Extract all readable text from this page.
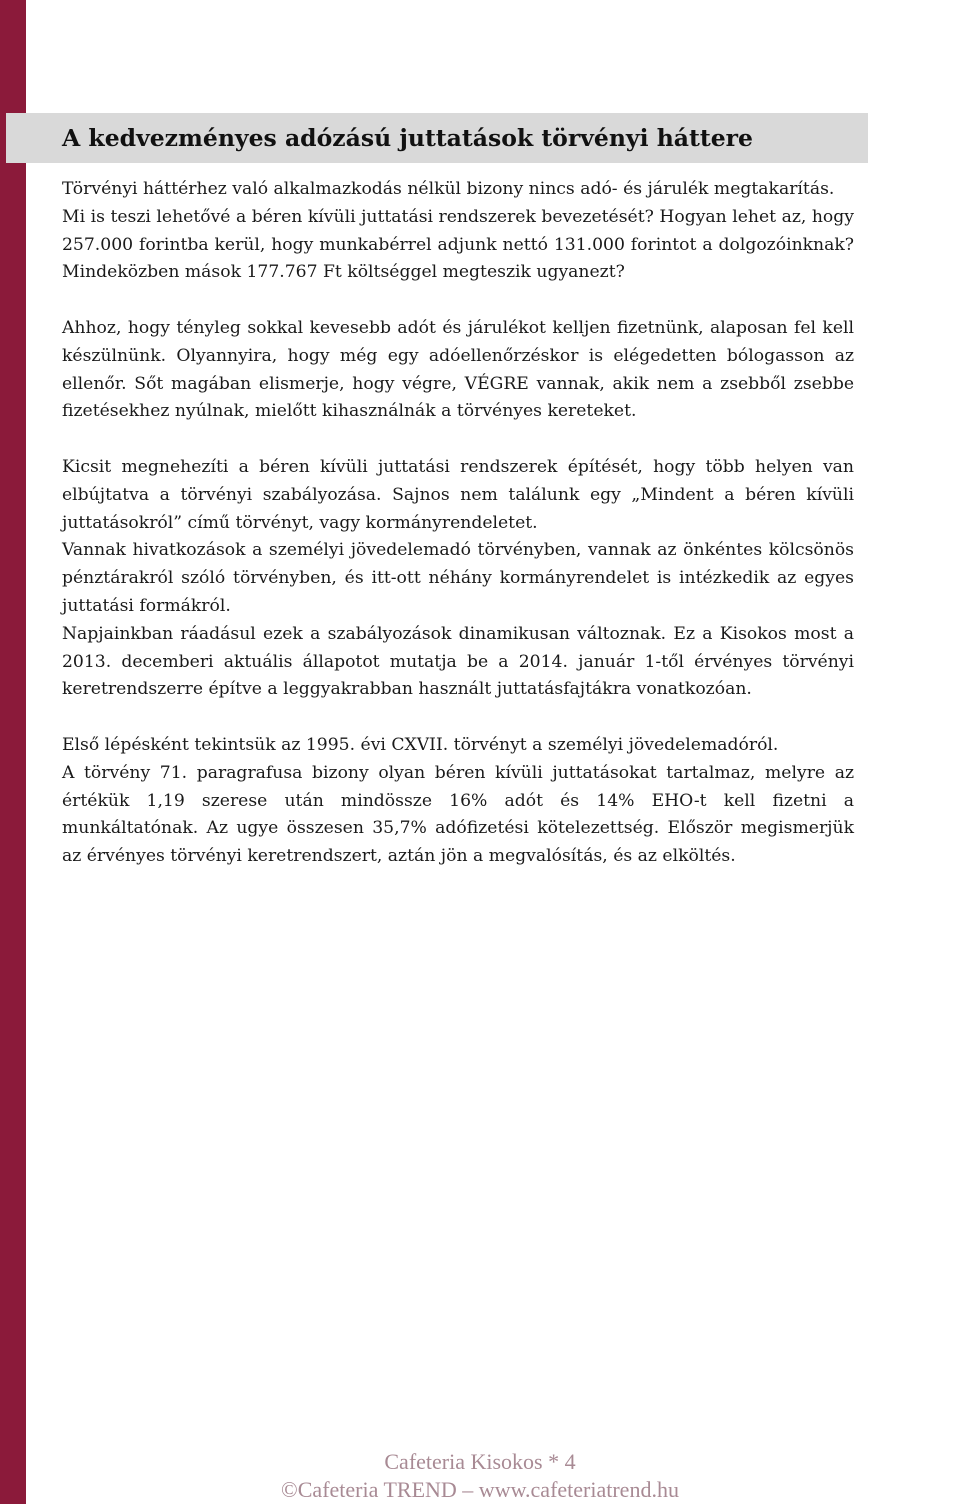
A kedvezményes adózású juttatások törvényi háttere

Törvényi háttérhez való alkalmazkodás nélkül bizony nincs adó- és járulék megtakarítás.

Mi is teszi lehetővé a béren kívüli juttatási rendszerek bevezetését? Hogyan lehet az, hogy 257.000 forintba kerül, hogy munkabérrel adjunk nettó 131.000 forintot a dolgozóinknak? Mindeközben mások 177.767 Ft költséggel megteszik ugyanezt?

Ahhoz, hogy tényleg sokkal kevesebb adót és járulékot kelljen fizetnünk, alaposan fel kell készülnünk. Olyannyira, hogy még egy adóellenőrzéskor is elégedetten bólogasson az ellenőr. Sőt magában elismerje, hogy végre, VÉGRE vannak, akik nem a zsebből zsebbe fizetésekhez nyúlnak, mielőtt kihasználnák a törvényes kereteket.

Kicsit megnehezíti a béren kívüli juttatási rendszerek építését, hogy több helyen van elbújtatva a törvényi szabályozása. Sajnos nem találunk egy „Mindent a béren kívüli juttatásokról” című törvényt, vagy kormányrendeletet.

Vannak hivatkozások a személyi jövedelemadó törvényben, vannak az önkéntes kölcsönös pénztárakról szóló törvényben, és itt-ott néhány kormányrendelet is intézkedik az egyes juttatási formákról.

Napjainkban ráadásul ezek a szabályozások dinamikusan változnak. Ez a Kisokos most a 2013. decemberi aktuális állapotot mutatja be a 2014. január 1-től érvényes törvényi keretrendszerre építve a leggyakrabban használt juttatásfajtákra vonatkozóan.

Első lépésként tekintsük az 1995. évi CXVII. törvényt a személyi jövedelemadóról.

A törvény 71. paragrafusa bizony olyan béren kívüli juttatásokat tartalmaz, melyre az értékük 1,19 szerese után mindössze 16% adót és 14% EHO-t kell fizetni a munkáltatónak. Az ugye összesen 35,7% adófizetési kötelezettség. Először megismerjük az érvényes törvényi keretrendszert, aztán jön a megvalósítás, és az elköltés.

Cafeteria Kisokos * 4
©Cafeteria TREND – www.cafeteriatrend.hu
